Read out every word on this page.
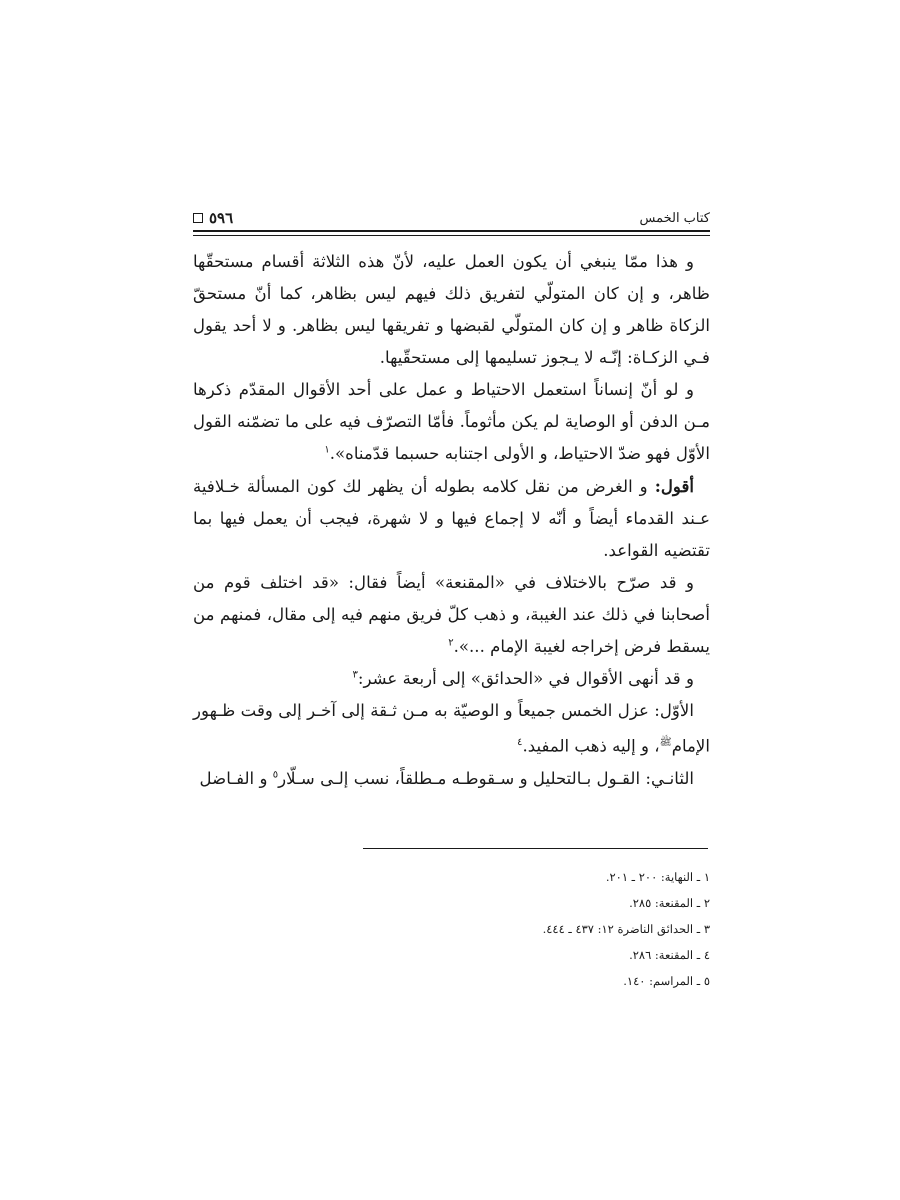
٥٩٦	كتاب الخمس

و هذا ممّا ينبغي أن يكون العمل عليه، لأنّ هذه الثلاثة أقسام مستحقّها ظاهر، و إن كان المتولّي لتفريق ذلك فيهم ليس بظاهر، كما أنّ مستحقّ الزكاة ظاهر و إن كان المتولّي لقبضها و تفريقها ليس بظاهر. و لا أحد يقول فـي الزكـاة: إنّـه لا يـجوز تسليمها إلى مستحقّيها.

و لو أنّ إنساناً استعمل الاحتياط و عمل على أحد الأقوال المقدّم ذكرها مـن الدفن أو الوصاية لم يكن مأثوماً. فأمّا التصرّف فيه على ما تضمّنه القول الأوّل فهو ضدّ الاحتياط، و الأولى اجتنابه حسبما قدّمناه».$^١$

أقول: و الغرض من نقل كلامه بطوله أن يظهر لك كون المسألة خـلافية عـند القدماء أيضاً و أنّه لا إجماع فيها و لا شهرة، فيجب أن يعمل فيها بما تقتضيه القواعد.

و قد صرّح بالاختلاف في «المقنعة» أيضاً فقال: «قد اختلف قوم من أصحابنا في ذلك عند الغيبة، و ذهب كلّ فريق منهم فيه إلى مقال، فمنهم من يسقط فرض إخراجه لغيبة الإمام ...».$^٢$

و قد أنهى الأقوال في «الحدائق» إلى أربعة عشر:$^٣$

الأوّل: عزل الخمس جميعاً و الوصيّة به مـن ثـقة إلى آخـر إلى وقت ظـهور الإمام$^ﷺ$، و إليه ذهب المفيد.$^٤$

الثانـي: القـول بـالتحليل و سـقوطـه مـطلقاً، نسب إلـى سـلّار$^٥$ و الفـاضل

١ ـ النهاية: ٢٠٠ ـ ٢٠١.
٢ ـ المقنعة: ٢٨٥.
٣ ـ الحدائق الناضرة ١٢: ٤٣٧ ـ ٤٤٤.
٤ ـ المقنعة: ٢٨٦.
٥ ـ المراسم: ١٤٠.
